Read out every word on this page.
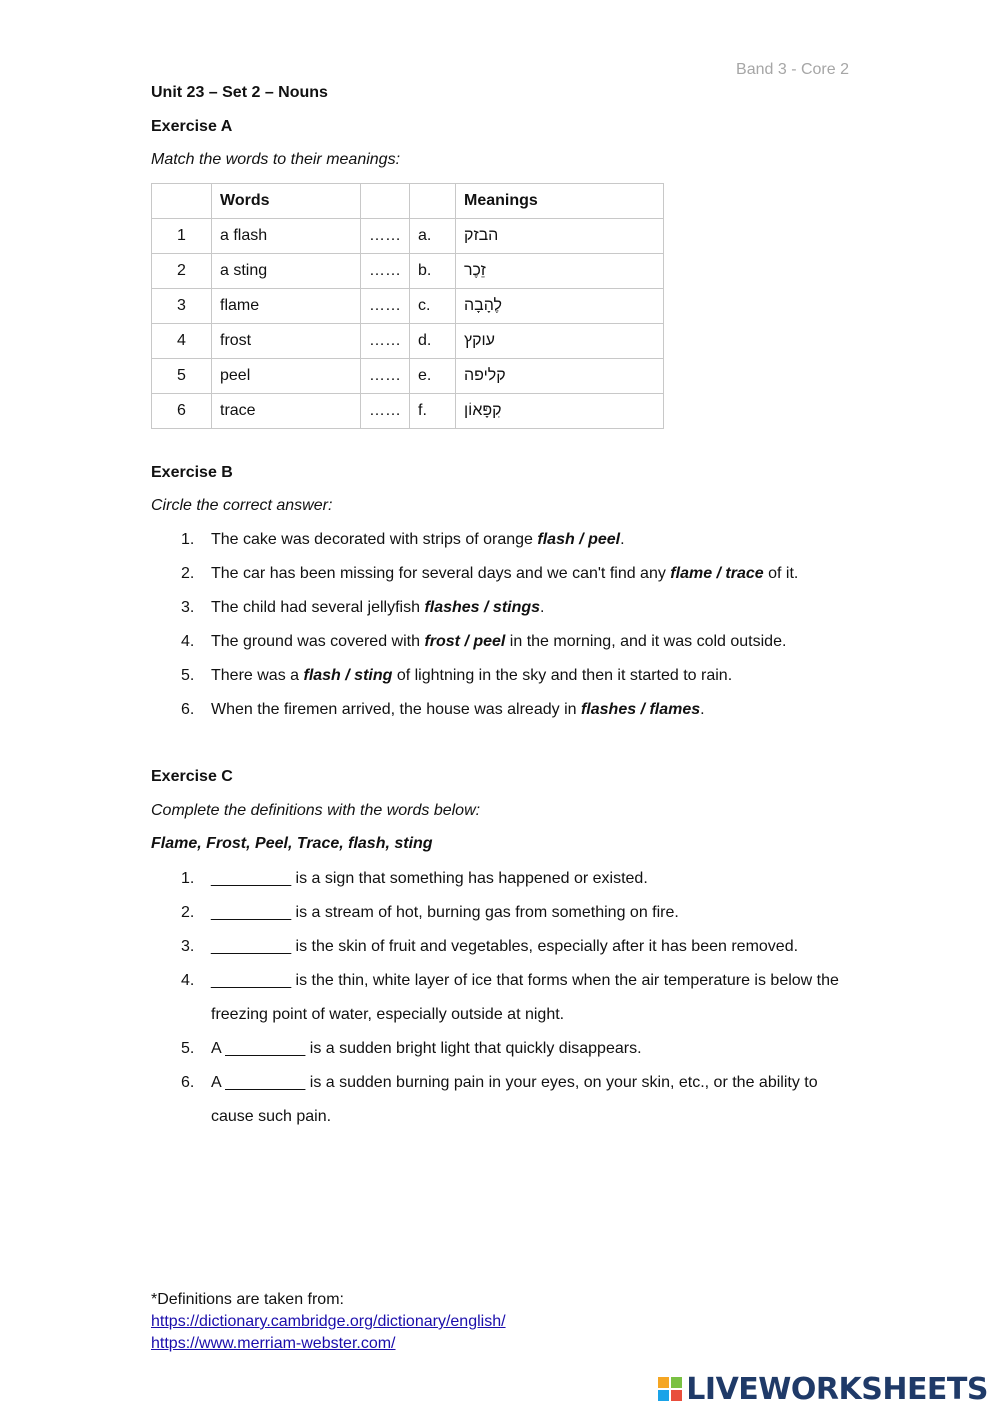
Band 3 - Core 2
Unit 23 – Set 2 – Nouns
Exercise A
Match the words to their meanings:
	Words			Meanings
1	a flash	……	a.	הבזק
2	a sting	……	b.	זֵכֶר
3	flame	……	c.	לֶהָבָה
4	frost	……	d.	עוקץ
5	peel	……	e.	קליפה
6	trace	……	f.	קִפָּאוֹן
Exercise B
Circle the correct answer:
1. The cake was decorated with strips of orange flash / peel.
2. The car has been missing for several days and we can't find any flame / trace of it.
3. The child had several jellyfish flashes / stings.
4. The ground was covered with frost / peel in the morning, and it was cold outside.
5. There was a flash / sting of lightning in the sky and then it started to rain.
6. When the firemen arrived, the house was already in flashes / flames.
Exercise C
Complete the definitions with the words below:
Flame, Frost, Peel, Trace, flash, sting
1. _________ is a sign that something has happened or existed.
2. _________ is a stream of hot, burning gas from something on fire.
3. _________ is the skin of fruit and vegetables, especially after it has been removed.
4. _________ is the thin, white layer of ice that forms when the air temperature is below the freezing point of water, especially outside at night.
5. A _________ is a sudden bright light that quickly disappears.
6. A _________ is a sudden burning pain in your eyes, on your skin, etc., or the ability to cause such pain.
*Definitions are taken from:
https://dictionary.cambridge.org/dictionary/english/
https://www.merriam-webster.com/
LIVEWORKSHEETS
